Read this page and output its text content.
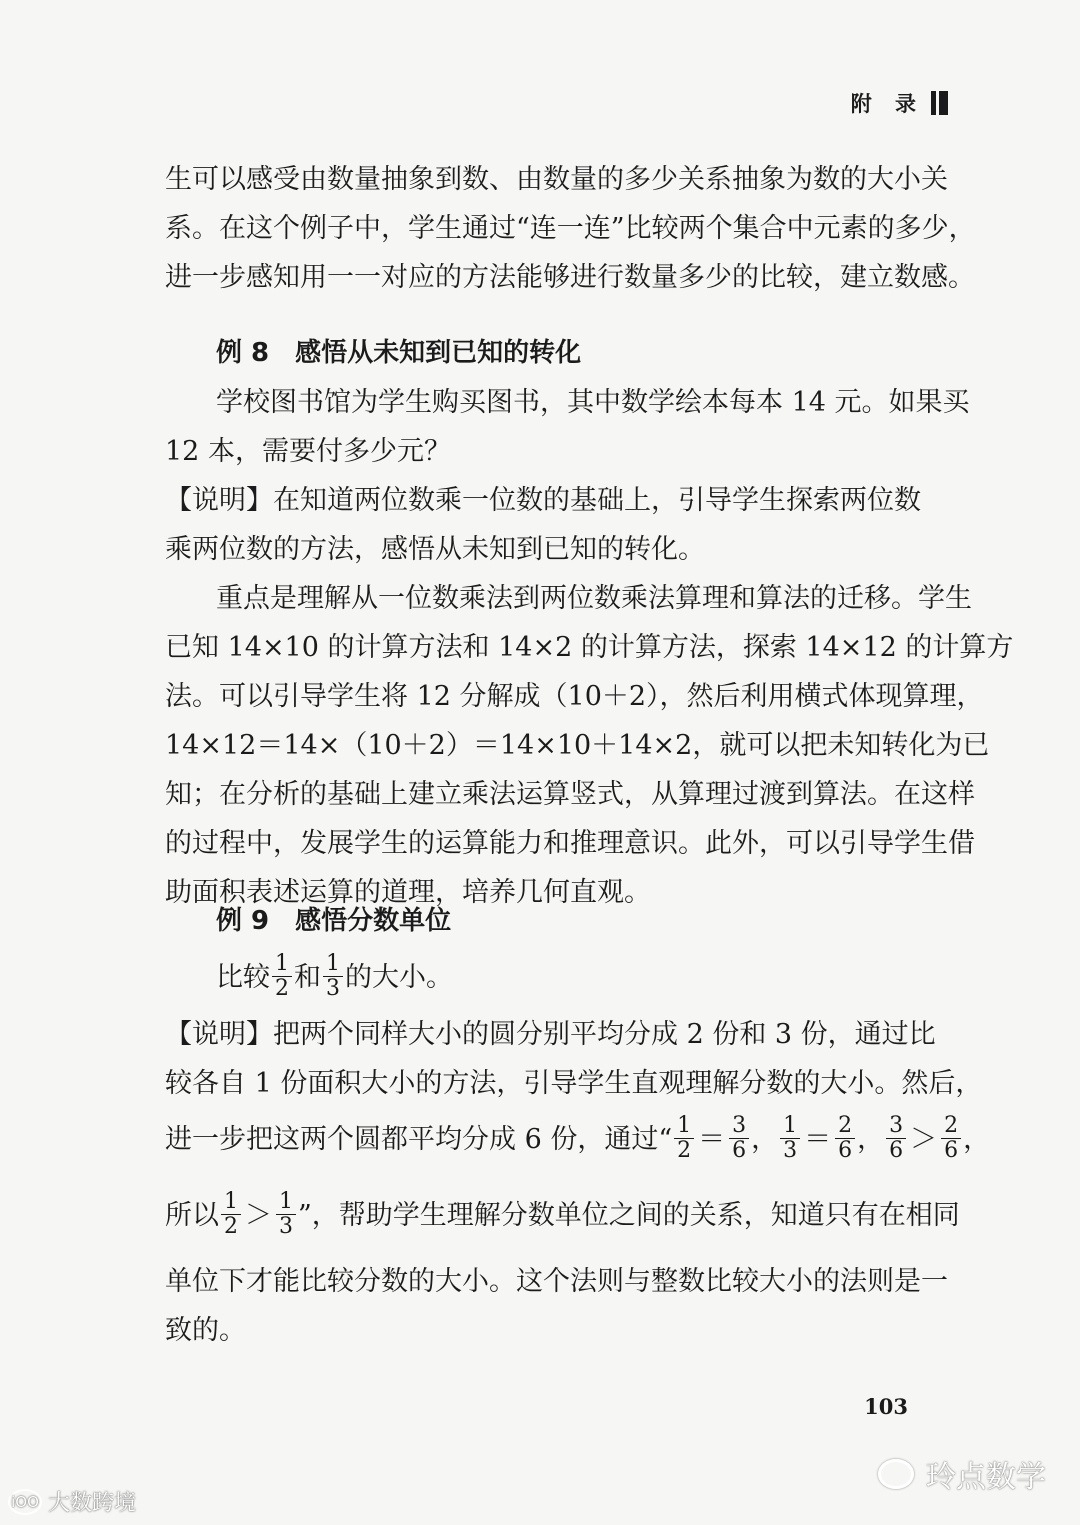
附 录
生可以感受由数量抽象到数、由数量的多少关系抽象为数的大小关
系。在这个例子中，学生通过“连一连”比较两个集合中元素的多少，
进一步感知用一一对应的方法能够进行数量多少的比较，建立数感。
例 8 感悟从未知到已知的转化
学校图书馆为学生购买图书，其中数学绘本每本 14 元。如果买
12 本，需要付多少元？
【说明】在知道两位数乘一位数的基础上，引导学生探索两位数
乘两位数的方法，感悟从未知到已知的转化。
重点是理解从一位数乘法到两位数乘法算理和算法的迁移。学生
已知 14×10 的计算方法和 14×2 的计算方法，探索 14×12 的计算方
法。可以引导学生将 12 分解成（10＋2），然后利用横式体现算理，
14×12＝14×（10＋2）＝14×10＋14×2，就可以把未知转化为已
知；在分析的基础上建立乘法运算竖式，从算理过渡到算法。在这样
的过程中，发展学生的运算能力和推理意识。此外，可以引导学生借
助面积表述运算的道理，培养几何直观。
例 9 感悟分数单位
比较 $\frac{1}{2}$ 和 $\frac{1}{3}$ 的大小。
【说明】把两个同样大小的圆分别平均分成 2 份和 3 份，通过比
较各自 1 份面积大小的方法，引导学生直观理解分数的大小。然后，
进一步把这两个圆都平均分成 6 份，通过“ $\frac{1}{2} = \frac{3}{6}$ ， $\frac{1}{3} = \frac{2}{6}$ ， $\frac{3}{6} > \frac{2}{6}$ ，
所以 $\frac{1}{2} > \frac{1}{3}$ ”，帮助学生理解分数单位之间的关系，知道只有在相同
单位下才能比较分数的大小。这个法则与整数比较大小的法则是一
致的。
103
iOO 大数跨境
玲点数学
